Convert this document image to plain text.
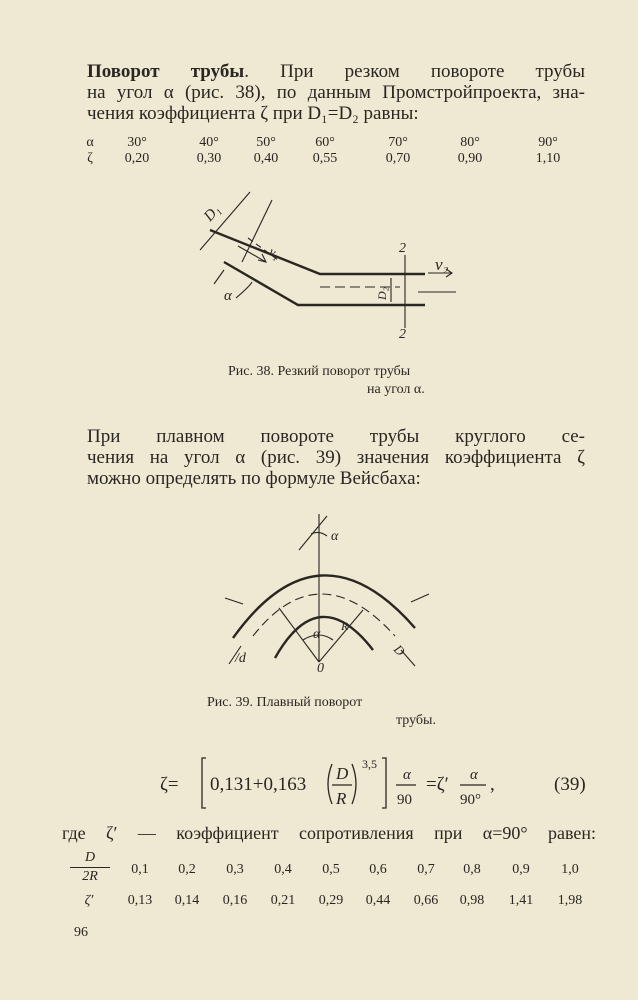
Поворот трубы. При резком повороте трубы
на угол α (рис. 38), по данным Промстройпроекта, зна-
чения коэффициента ζ при D₁=D₂ равны:
α	30°	40°	50°	60°	70°	80°	90°
ζ	0,20	0,30	0,40	0,55	0,70	0,90	1,10
D₁
v₁
v₂
D₂
α
2
2
Рис. 38. Резкий поворот трубы
на угол α.
При плавном повороте трубы круглого се-
чения на угол α (рис. 39) значения коэффициента ζ
можно определять по формуле Вейсбаха:
α
α
R
0
/d	D
Рис. 39. Плавный поворот
трубы.
ζ= 0,131+0,163
D
R
3,5
α
90
=ζ′ α
90°
,	(39)
где ζ′ — коэффициент сопротивления при α=90° равен:
D
2R	0,1	0,2	0,3	0,4	0,5	0,6	0,7	0,8	0,9	1,0
ζ′	0,13	0,14	0,16	0,21	0,29	0,44	0,66	0,98	1,41	1,98
96
